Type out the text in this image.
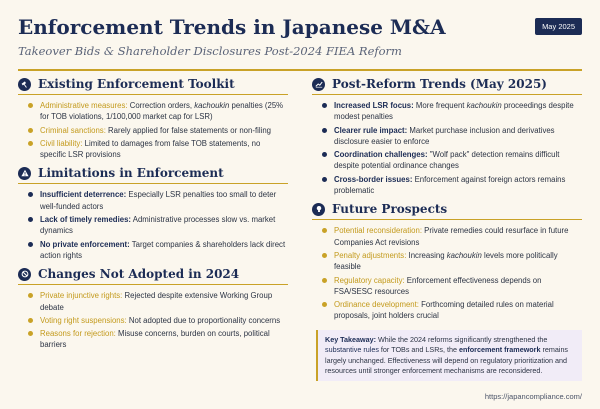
Enforcement Trends in Japanese M&A
Takeover Bids & Shareholder Disclosures Post-2024 FIEA Reform
May 2025
Existing Enforcement Toolkit
Administrative measures: Correction orders, kachoukin penalties (25% for TOB violations, 1/100,000 market cap for LSR)
Criminal sanctions: Rarely applied for false statements or non-filing
Civil liability: Limited to damages from false TOB statements, no specific LSR provisions
Limitations in Enforcement
Insufficient deterrence: Especially LSR penalties too small to deter well-funded actors
Lack of timely remedies: Administrative processes slow vs. market dynamics
No private enforcement: Target companies & shareholders lack direct action rights
Changes Not Adopted in 2024
Private injunctive rights: Rejected despite extensive Working Group debate
Voting right suspensions: Not adopted due to proportionality concerns
Reasons for rejection: Misuse concerns, burden on courts, political barriers
Post-Reform Trends (May 2025)
Increased LSR focus: More frequent kachoukin proceedings despite modest penalties
Clearer rule impact: Market purchase inclusion and derivatives disclosure easier to enforce
Coordination challenges: "Wolf pack" detection remains difficult despite potential ordinance changes
Cross-border issues: Enforcement against foreign actors remains problematic
Future Prospects
Potential reconsideration: Private remedies could resurface in future Companies Act revisions
Penalty adjustments: Increasing kachoukin levels more politically feasible
Regulatory capacity: Enforcement effectiveness depends on FSA/SESC resources
Ordinance development: Forthcoming detailed rules on material proposals, joint holders crucial
Key Takeaway: While the 2024 reforms significantly strengthened the substantive rules for TOBs and LSRs, the enforcement framework remains largely unchanged. Effectiveness will depend on regulatory prioritization and resources until stronger enforcement mechanisms are reconsidered.
https://japancompliance.com/
